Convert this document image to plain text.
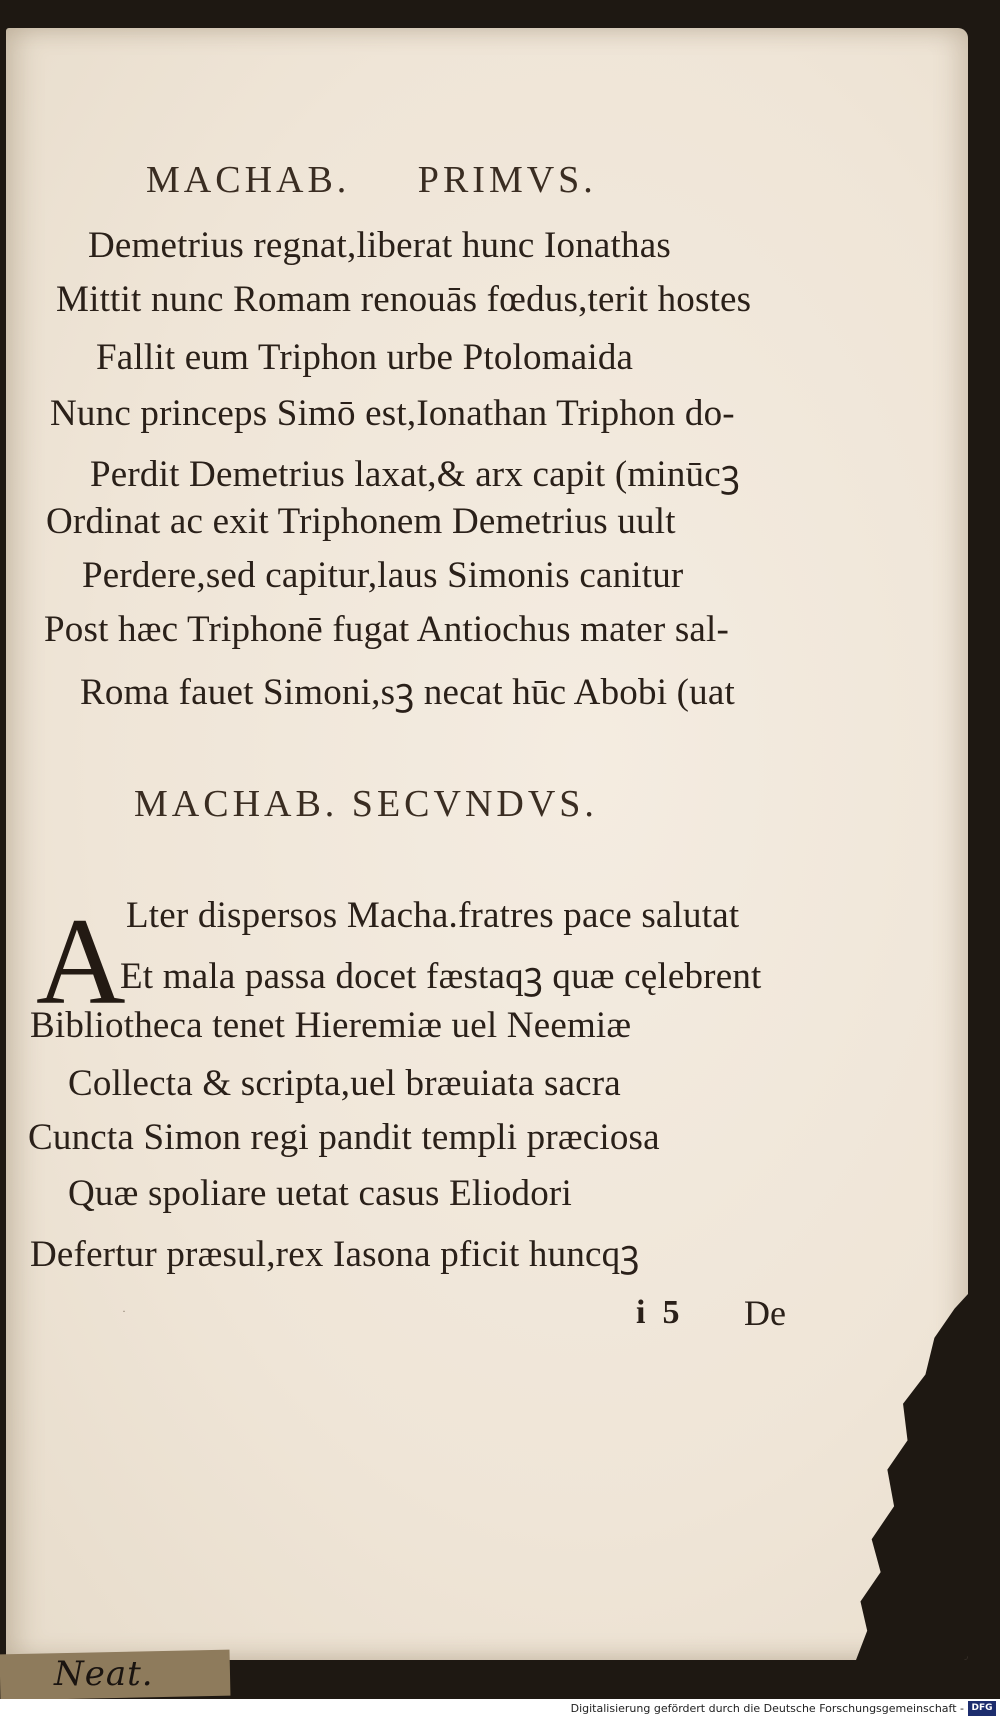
MACHAB.     PRIMVS.
Demetrius regnat,liberat hunc Ionathas
Mittit nunc Romam renouās fœdus,terit hostes
Fallit eum Triphon urbe Ptolomaida
Nunc princeps Simō est,Ionathan Triphon do-
Perdit Demetrius laxat,& arx capit (minūcꝫ
Ordinat ac exit Triphonem Demetrius uult
Perdere,sed capitur,laus Simonis canitur
Post hæc Triphonē fugat Antiochus mater sal-
Roma fauet Simoni,sꝫ necat hūc Abobi (uat
MACHAB. SECVNDVS.
A Lter dispersos Macha.fratres pace salutat
Et mala passa docet fæstaqꝫ quæ cęlebrent
Bibliotheca tenet Hieremiæ uel Neemiæ
Collecta & scripta,uel bræuiata sacra
Cuncta Simon regi pandit templi præciosa
Quæ spoliare uetat casus Eliodori
Defertur præsul,rex Iasona pficit huncqꝫ
·	i  5 De
Neat.
Digitalisierung gefördert durch die Deutsche Forschungsgemeinschaft - DFG
